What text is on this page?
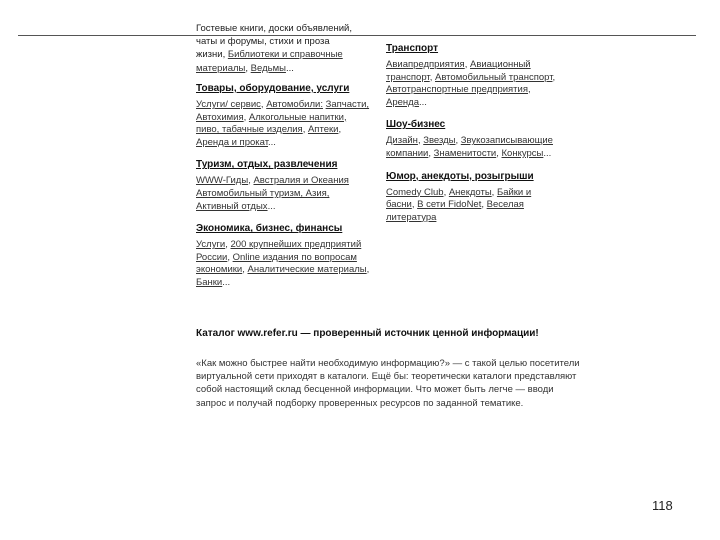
Гостевые книги, доски объявлений, чаты и форумы, стихи и проза
жизни, Библиотеки и справочные
материалы, Ведьмы...
Товары, оборудование, услуги
Услуги/ сервис, Автомобили: Запчасти, Автохимия, Алкогольные напитки, пиво, табачные изделия, Аптеки, Аренда и прокат...
Туризм, отдых, развлечения
WWW-Гиды, Австралия и Океания Автомобильный туризм, Азия, Активный отдых...
Экономика, бизнес, финансы
Услуги, 200 крупнейших предприятий России, Online издания по вопросам экономики, Аналитические материалы, Банки...
Транспорт
Авиапредприятия, Авиационный транспорт, Автомобильный транспорт, Автотранспортные предприятия, Аренда...
Шоу-бизнес
Дизайн, Звезды, Звукозаписывающие компании, Знаменитости, Конкурсы...
Юмор, анекдоты, розыгрыши
Comedy Club, Анекдоты, Байки и басни, В сети FidoNet, Веселая литература
Каталог www.refer.ru — проверенный источник ценной информации!
«Как можно быстрее найти необходимую информацию?» — с такой целью посетители виртуальной сети приходят в каталоги. Ещё бы: теоретически каталоги представляют собой настоящий склад бесценной информации. Что может быть легче — вводи запрос и получай подборку проверенных ресурсов по заданной тематике.
118
